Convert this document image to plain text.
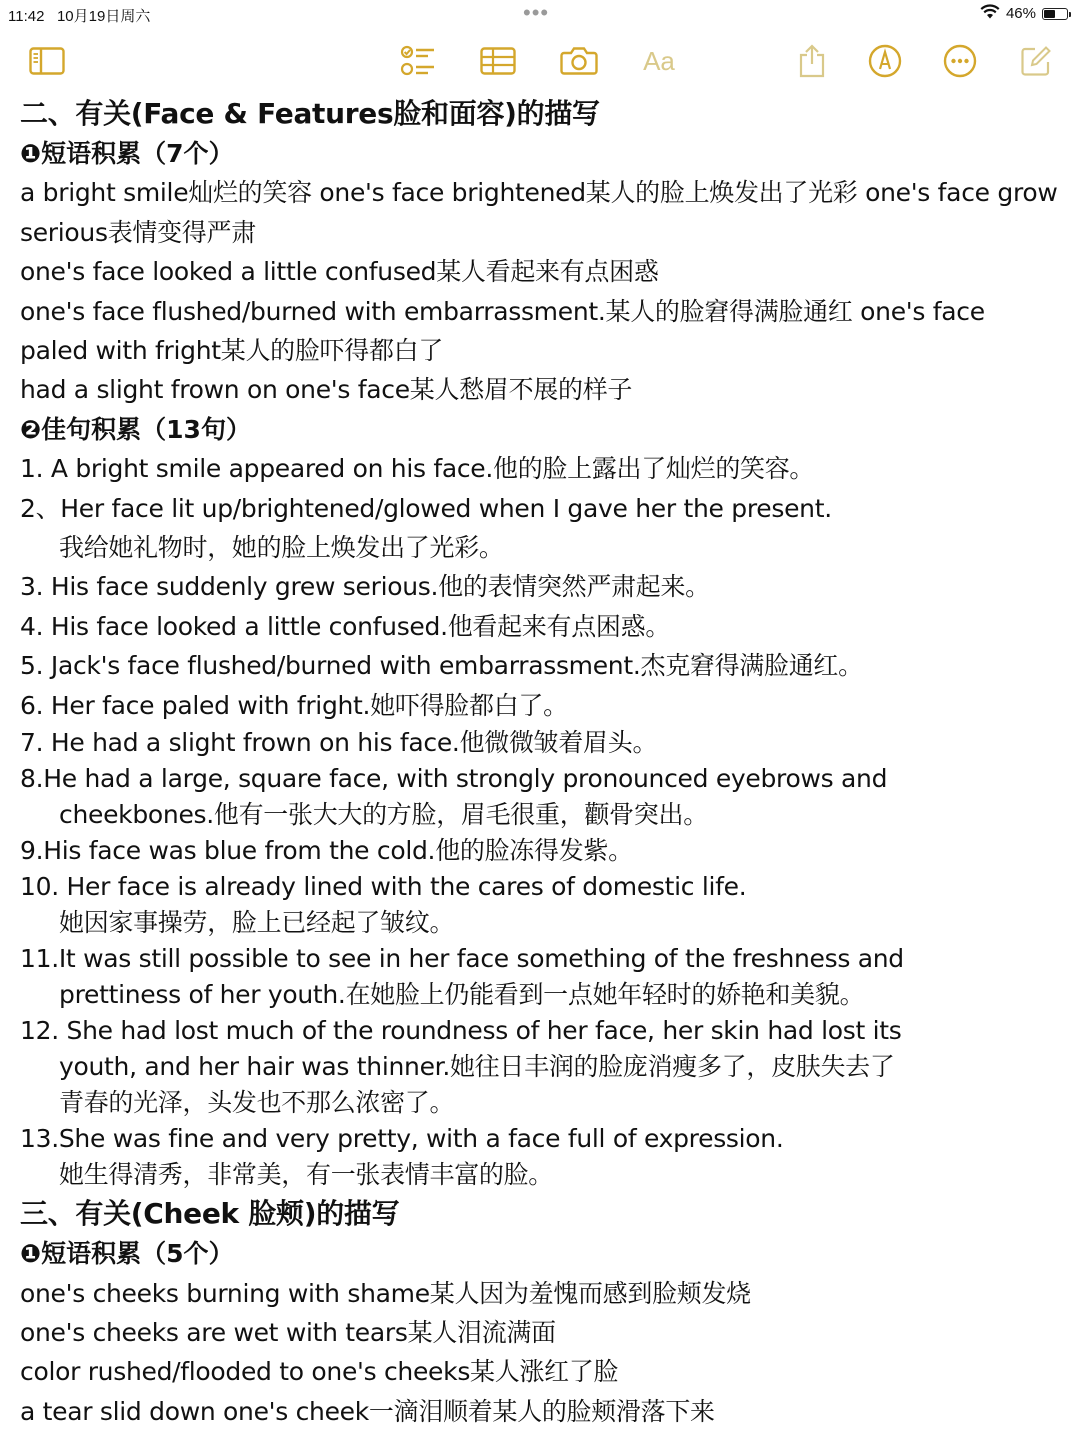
11:42 10月19日周六	•••	46%
Aa
二、有关(Face & Features脸和面容)的描写
❶短语积累（7个）
a bright smile灿烂的笑容 one's face brightened某人的脸上焕发出了光彩 one's face grow serious表情变得严肃
one's face looked a little confused某人看起来有点困惑
one's face flushed/burned with embarrassment.某人的脸窘得满脸通红 one's face paled with fright某人的脸吓得都白了
had a slight frown on one's face某人愁眉不展的样子
❷佳句积累（13句）
1. A bright smile appeared on his face.他的脸上露出了灿烂的笑容。
2、Her face lit up/brightened/glowed when I gave her the present.
我给她礼物时，她的脸上焕发出了光彩。
3. His face suddenly grew serious.他的表情突然严肃起来。
4. His face looked a little confused.他看起来有点困惑。
5. Jack's face flushed/burned with embarrassment.杰克窘得满脸通红。
6. Her face paled with fright.她吓得脸都白了。
7. He had a slight frown on his face.他微微皱着眉头。
8.He had a large, square face, with strongly pronounced eyebrows and
cheekbones.他有一张大大的方脸，眉毛很重，颧骨突出。
9.His face was blue from the cold.他的脸冻得发紫。
10. Her face is already lined with the cares of domestic life.
她因家事操劳，脸上已经起了皱纹。
11.It was still possible to see in her face something of the freshness and
prettiness of her youth.在她脸上仍能看到一点她年轻时的娇艳和美貌。
12. She had lost much of the roundness of her face, her skin had lost its
youth, and her hair was thinner.她往日丰润的脸庞消瘦多了，皮肤失去了
青春的光泽，头发也不那么浓密了。
13.She was fine and very pretty, with a face full of expression.
她生得清秀，非常美，有一张表情丰富的脸。
三、有关(Cheek 脸颊)的描写
❶短语积累（5个）
one's cheeks burning with shame某人因为羞愧而感到脸颊发烧
one's cheeks are wet with tears某人泪流满面
color rushed/flooded to one's cheeks某人涨红了脸
a tear slid down one's cheek一滴泪顺着某人的脸颊滑落下来
